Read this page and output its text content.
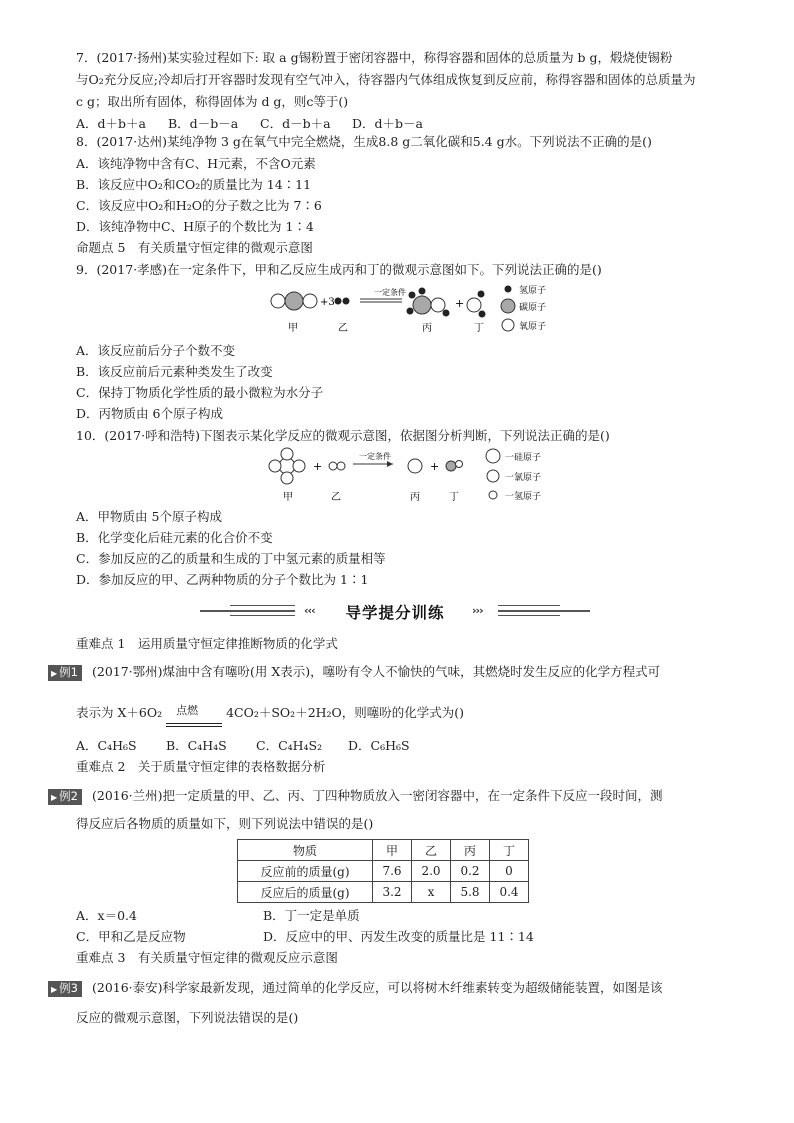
7．(2017·扬州)某实验过程如下: 取 a g锡粉置于密闭容器中，称得容器和固体的总质量为 b g，煅烧使锡粉
与O₂充分反应;冷却后打开容器时发现有空气冲入，待容器内气体组成恢复到反应前，称得容器和固体的总质量为
c g；取出所有固体，称得固体为 d g，则c等于()
A．d＋b＋a B．d－b－a C．d－b＋a D．d＋b－a
8．(2017·达州)某纯净物 3 g在氧气中完全燃烧，生成8.8 g二氧化碳和5.4 g水。下列说法不正确的是()
A．该纯净物中含有C、H元素，不含O元素
B．该反应中O₂和CO₂的质量比为 14∶11
C．该反应中O₂和H₂O的分子数之比为 7∶6
D．该纯净物中C、H原子的个数比为 1∶4
命题点 5　有关质量守恒定律的微观示意图
9．(2017·孝感)在一定条件下，甲和乙反应生成丙和丁的微观示意图如下。下列说法正确的是()
+3
一定条件
+
甲	乙	丙	丁
氢原子
碳原子
氧原子
A．该反应前后分子个数不变
B．该反应前后元素种类发生了改变
C．保持丁物质化学性质的最小微粒为水分子
D．丙物质由 6个原子构成
10．(2017·呼和浩特)下图表示某化学反应的微观示意图，依据图分析判断，下列说法正确的是()
+
一定条件
+
甲	乙	丙	丁
一硅原子
一氯原子
一氢原子
A．甲物质由 5个原子构成
B．化学变化后硅元素的化合价不变
C．参加反应的乙的质量和生成的丁中氢元素的质量相等
D．参加反应的甲、乙两种物质的分子个数比为 1∶1
‹‹‹	导学提分训练	›››
重难点 1　运用质量守恒定律推断物质的化学式
▶ 例1 (2017·鄂州)煤油中含有噻吩(用 X表示)，噻吩有令人不愉快的气味，其燃烧时发生反应的化学方程式可
表示为 X＋6O₂ 点燃 4CO₂＋SO₂＋2H₂O，则噻吩的化学式为()
A．C₄H₆S B．C₄H₄S C．C₄H₄S₂ D．C₆H₆S
重难点 2　关于质量守恒定律的表格数据分析
▶ 例2 (2016·兰州)把一定质量的甲、乙、丙、丁四种物质放入一密闭容器中，在一定条件下反应一段时间，测
得反应后各物质的质量如下，则下列说法中错误的是()
物质	甲	乙	丙	丁
反应前的质量(g)	7.6	2.0	0.2	0
反应后的质量(g)	3.2	x	5.8	0.4
A．x＝0.4	B．丁一定是单质
C．甲和乙是反应物	D．反应中的甲、丙发生改变的质量比是 11∶14
重难点 3　有关质量守恒定律的微观反应示意图
▶ 例3 (2016·泰安)科学家最新发现，通过简单的化学反应，可以将树木纤维素转变为超级储能装置，如图是该
反应的微观示意图，下列说法错误的是()
